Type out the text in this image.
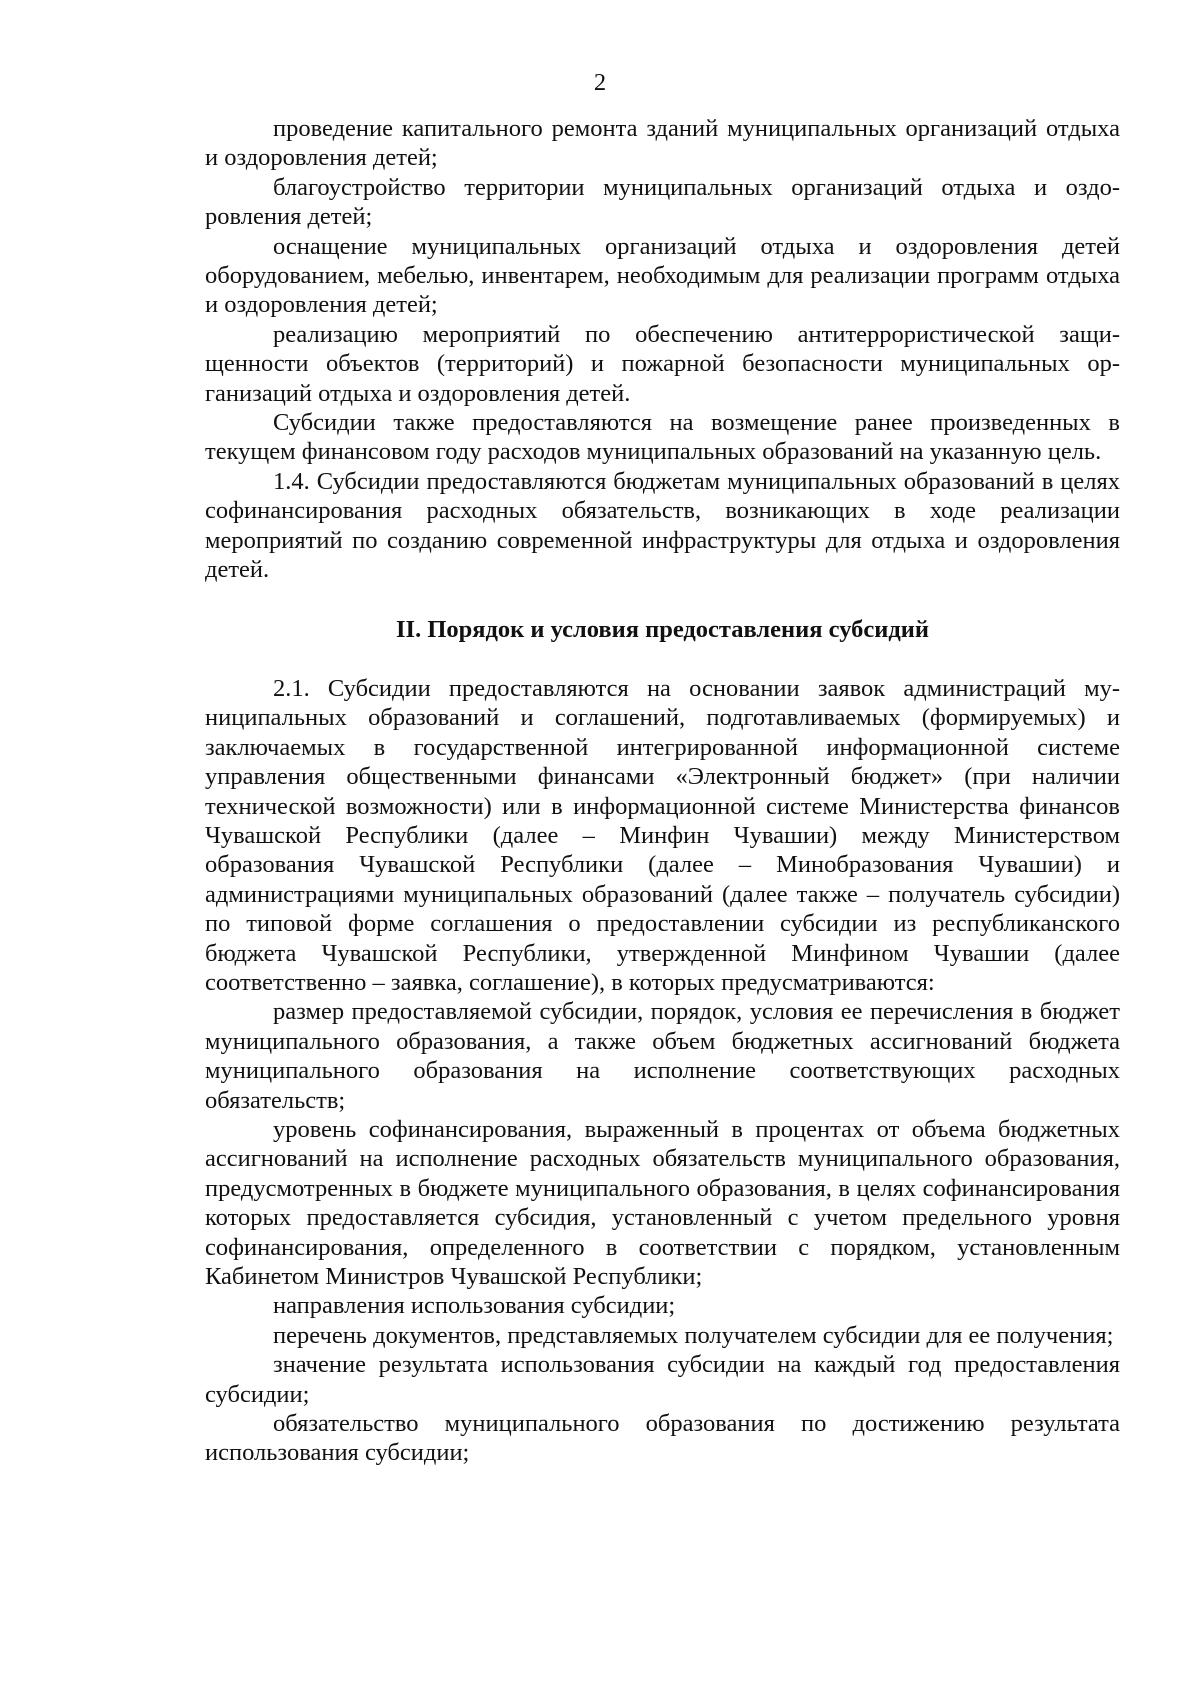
2

проведение капитального ремонта зданий муниципальных организаций отдыха и оздоровления детей;

благоустройство территории муниципальных организаций отдыха и оздоровления детей;

оснащение муниципальных организаций отдыха и оздоровления детей оборудованием, мебелью, инвентарем, необходимым для реализации программ отдыха и оздоровления детей;

реализацию мероприятий по обеспечению антитеррористической защищенности объектов (территорий) и пожарной безопасности муниципальных организаций отдыха и оздоровления детей.

Субсидии также предоставляются на возмещение ранее произведенных в текущем финансовом году расходов муниципальных образований на указанную цель.

1.4. Субсидии предоставляются бюджетам муниципальных образований в целях софинансирования расходных обязательств, возникающих в ходе реализации мероприятий по созданию современной инфраструктуры для отдыха и оздоровления детей.

II. Порядок и условия предоставления субсидий

2.1. Субсидии предоставляются на основании заявок администраций муниципальных образований и соглашений, подготавливаемых (формируемых) и заключаемых в государственной интегрированной информационной системе управления общественными финансами «Электронный бюджет» (при наличии технической возможности) или в информационной системе Министерства финансов Чувашской Республики (далее – Минфин Чувашии) между Министерством образования Чувашской Республики (далее – Минобразования Чувашии) и администрациями муниципальных образований (далее также – получатель субсидии) по типовой форме соглашения о предоставлении субсидии из республиканского бюджета Чувашской Республики, утвержденной Минфином Чувашии (далее соответственно – заявка, соглашение), в которых предусматриваются:

размер предоставляемой субсидии, порядок, условия ее перечисления в бюджет муниципального образования, а также объем бюджетных ассигнований бюджета муниципального образования на исполнение соответствующих расходных обязательств;

уровень софинансирования, выраженный в процентах от объема бюджетных ассигнований на исполнение расходных обязательств муниципального образования, предусмотренных в бюджете муниципального образования, в целях софинансирования которых предоставляется субсидия, установленный с учетом предельного уровня софинансирования, определенного в соответствии с порядком, установленным Кабинетом Министров Чувашской Республики;

направления использования субсидии;

перечень документов, представляемых получателем субсидии для ее получения;

значение результата использования субсидии на каждый год предоставления субсидии;

обязательство муниципального образования по достижению результата использования субсидии;
